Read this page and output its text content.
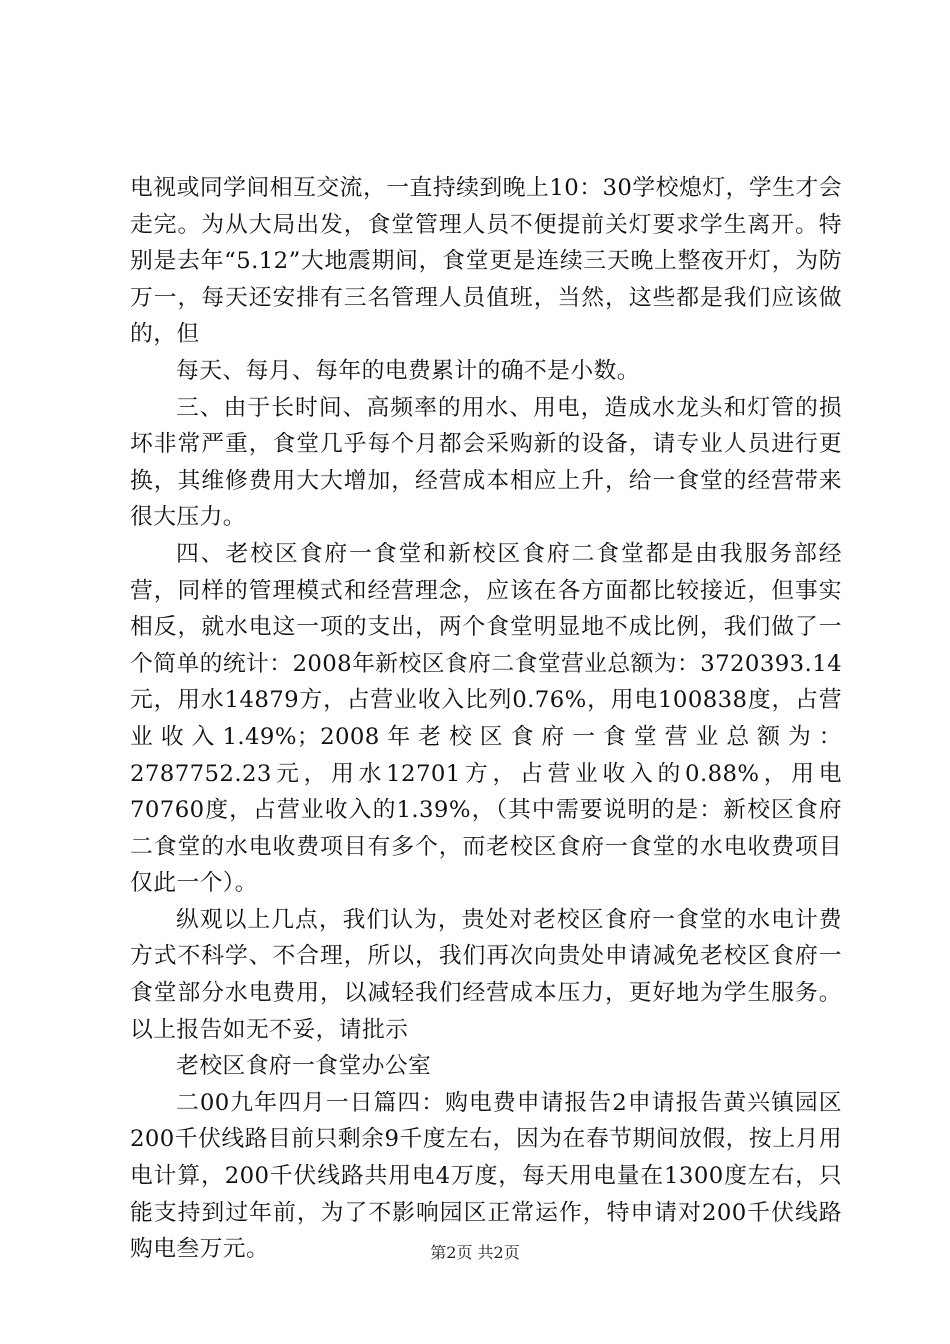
电视或同学间相互交流，一直持续到晚上10：30学校熄灯，学生才会走完。为从大局出发，食堂管理人员不便提前关灯要求学生离开。特别是去年“5.12”大地震期间，食堂更是连续三天晚上整夜开灯，为防万一，每天还安排有三名管理人员值班，当然，这些都是我们应该做的，但

每天、每月、每年的电费累计的确不是小数。

三、由于长时间、高频率的用水、用电，造成水龙头和灯管的损坏非常严重，食堂几乎每个月都会采购新的设备，请专业人员进行更换，其维修费用大大增加，经营成本相应上升，给一食堂的经营带来很大压力。

四、老校区食府一食堂和新校区食府二食堂都是由我服务部经营，同样的管理模式和经营理念，应该在各方面都比较接近，但事实相反，就水电这一项的支出，两个食堂明显地不成比例，我们做了一个简单的统计：2008年新校区食府二食堂营业总额为：3720393.14元，用水14879方，占营业收入比列0.76%，用电100838度，占营业收入1.49%；2008年老校区食府一食堂营业总额为：2787752.23元，用水12701方，占营业收入的0.88%，用电70760度，占营业收入的1.39%，（其中需要说明的是：新校区食府二食堂的水电收费项目有多个，而老校区食府一食堂的水电收费项目仅此一个）。

纵观以上几点，我们认为，贵处对老校区食府一食堂的水电计费方式不科学、不合理，所以，我们再次向贵处申请减免老校区食府一食堂部分水电费用，以减轻我们经营成本压力，更好地为学生服务。以上报告如无不妥，请批示

老校区食府一食堂办公室

二00九年四月一日篇四：购电费申请报告2申请报告黄兴镇园区200千伏线路目前只剩余9千度左右，因为在春节期间放假，按上月用电计算，200千伏线路共用电4万度，每天用电量在1300度左右，只能支持到过年前，为了不影响园区正常运作，特申请对200千伏线路购电叁万元。	第2页 共2页
